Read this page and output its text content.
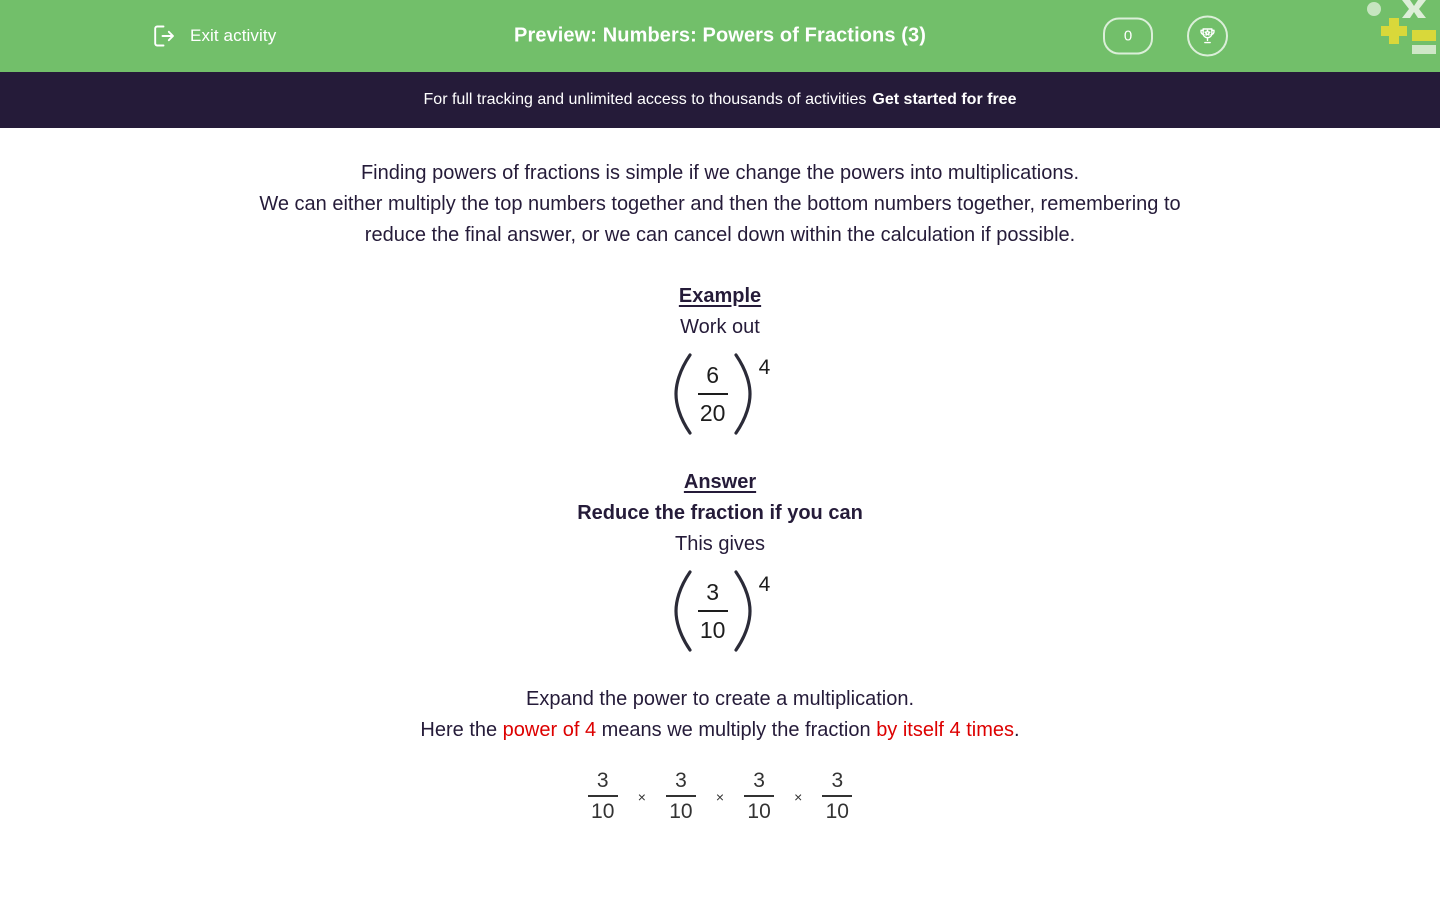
Exit activity	Preview: Numbers: Powers of Fractions (3)	0
For full tracking and unlimited access to thousands of activities Get started for free
Finding powers of fractions is simple if we change the powers into multiplications.
We can either multiply the top numbers together and then the bottom numbers together, remembering to
reduce the final answer, or we can cancel down within the calculation if possible.
Example
Work out
$\frac{6}{20} 4$
Answer
Reduce the fraction if you can
This gives
$\frac{3}{10} 4$
Expand the power to create a multiplication.
Here the power of 4 means we multiply the fraction by itself 4 times.
$\frac{3}{10} \times \frac{3}{10} \times \frac{3}{10} \times \frac{3}{10}$
